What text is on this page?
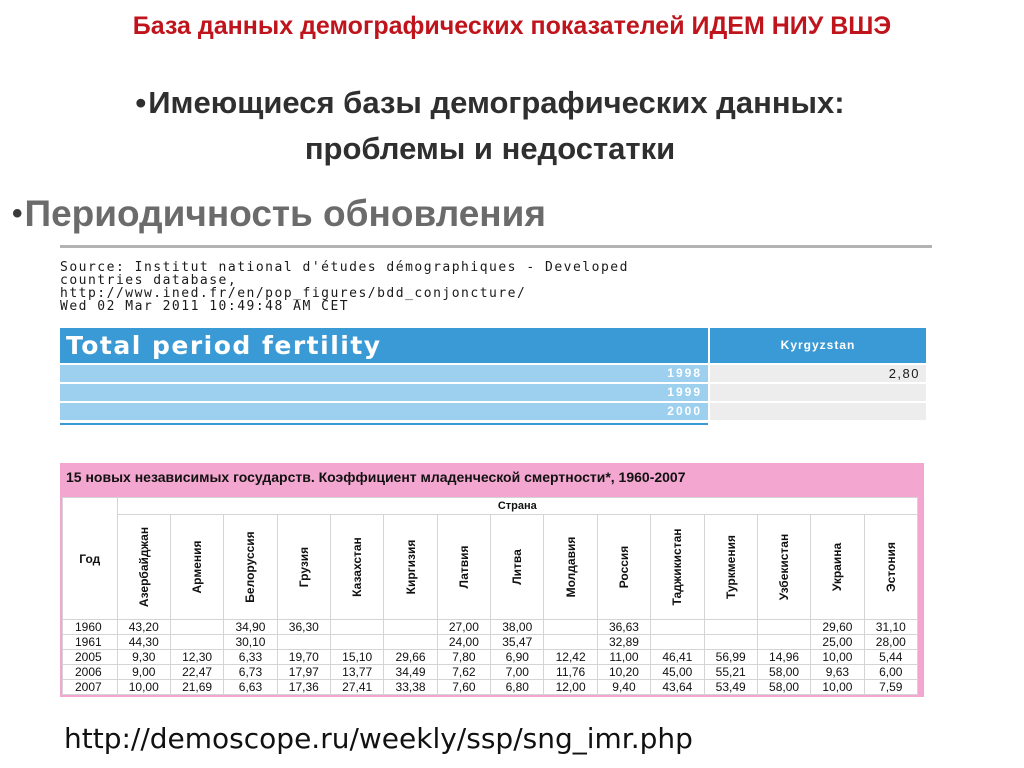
База данных демографических показателей ИДЕМ НИУ ВШЭ
•Имеющиеся базы демографических данных:
проблемы и недостатки
•Периодичность обновления
Source: Institut national d'études démographiques - Developed
countries database,
http://www.ined.fr/en/pop_figures/bdd_conjoncture/
Wed 02 Mar 2011 10:49:48 AM CET
Total period fertility	Kyrgyzstan
1998	2,80
1999
2000
15 новых независимых государств. Коэффициент младенческой смертности*, 1960-2007
Год	Страна														

	Азербайджан	Армения	Белоруссия	Грузия	Казахстан	Киргизия	Латвия	Литва	Молдавия	Россия	Таджикистан	Туркмения	Узбекистан	Украина	Эстония

1960	43,20		34,90	36,30			27,00	38,00		36,63				29,60	31,10
1961	44,30		30,10				24,00	35,47		32,89				25,00	28,00
2005	9,30	12,30	6,33	19,70	15,10	29,66	7,80	6,90	12,42	11,00	46,41	56,99	14,96	10,00	5,44
2006	9,00	22,47	6,73	17,97	13,77	34,49	7,62	7,00	11,76	10,20	45,00	55,21	58,00	9,63	6,00
2007	10,00	21,69	6,63	17,36	27,41	33,38	7,60	6,80	12,00	9,40	43,64	53,49	58,00	10,00	7,59
http://demoscope.ru/weekly/ssp/sng_imr.php
